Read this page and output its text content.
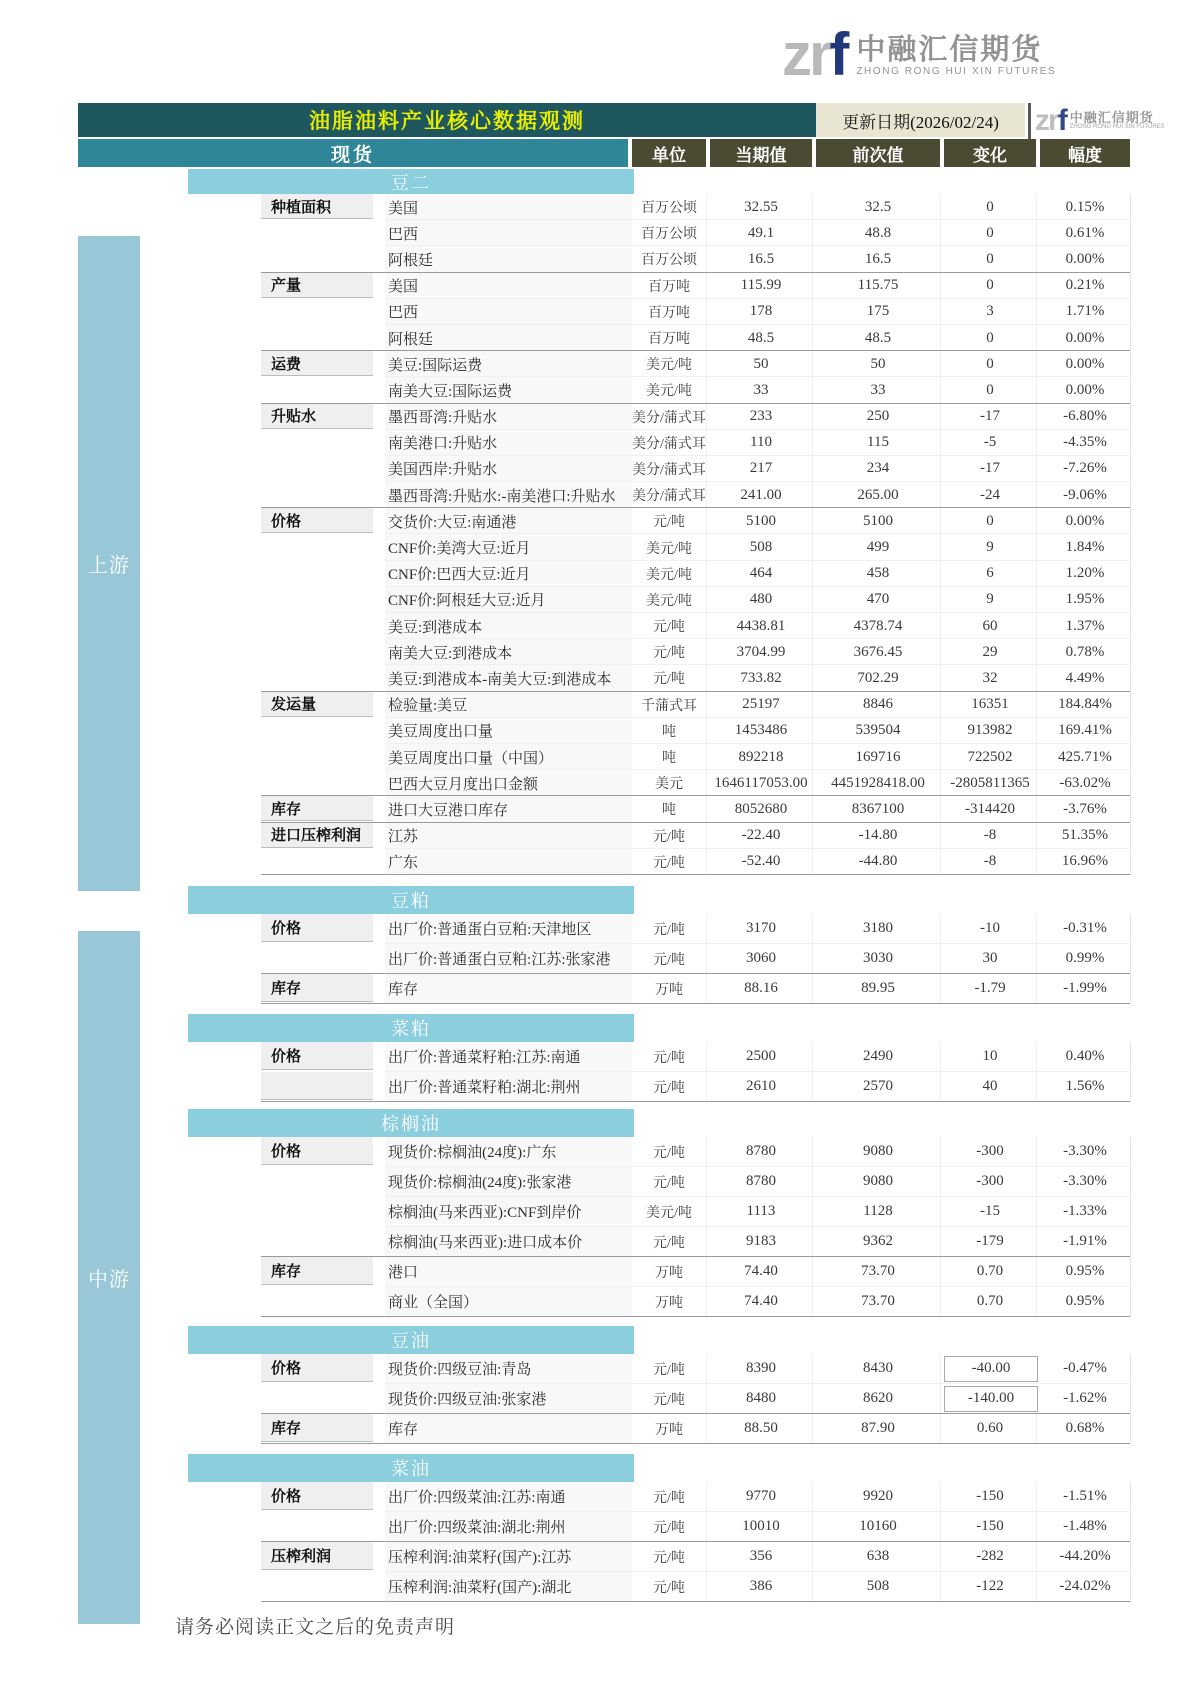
zrf 中融汇信期货
ZHONG RONG HUI XIN FUTURES
zrf 中融汇信期货
ZHONG RONG HUI XIN FUTURES
油脂油料产业核心数据观测	更新日期(2026/02/24)
现货	单位	当期值	前次值	变化	幅度
上游
中游
豆二
种植面积	美国	百万公顷	32.55	32.5	0	0.15%
巴西	百万公顷	49.1	48.8	0	0.61%
阿根廷	百万公顷	16.5	16.5	0	0.00%
产量	美国	百万吨	115.99	115.75	0	0.21%
巴西	百万吨	178	175	3	1.71%
阿根廷	百万吨	48.5	48.5	0	0.00%
运费	美豆:国际运费	美元/吨	50	50	0	0.00%
南美大豆:国际运费	美元/吨	33	33	0	0.00%
升贴水	墨西哥湾:升贴水	美分/蒲式耳	233	250	-17	-6.80%
南美港口:升贴水	美分/蒲式耳	110	115	-5	-4.35%
美国西岸:升贴水	美分/蒲式耳	217	234	-17	-7.26%
墨西哥湾:升贴水:-南美港口:升贴水	美分/蒲式耳	241.00	265.00	-24	-9.06%
价格	交货价:大豆:南通港	元/吨	5100	5100	0	0.00%
CNF价:美湾大豆:近月	美元/吨	508	499	9	1.84%
CNF价:巴西大豆:近月	美元/吨	464	458	6	1.20%
CNF价:阿根廷大豆:近月	美元/吨	480	470	9	1.95%
美豆:到港成本	元/吨	4438.81	4378.74	60	1.37%
南美大豆:到港成本	元/吨	3704.99	3676.45	29	0.78%
美豆:到港成本-南美大豆:到港成本	元/吨	733.82	702.29	32	4.49%
发运量	检验量:美豆	千蒲式耳	25197	8846	16351	184.84%
美豆周度出口量	吨	1453486	539504	913982	169.41%
美豆周度出口量（中国）	吨	892218	169716	722502	425.71%
巴西大豆月度出口金额	美元	1646117053.00	4451928418.00	-2805811365	-63.02%
库存	进口大豆港口库存	吨	8052680	8367100	-314420	-3.76%
进口压榨利润	江苏	元/吨	-22.40	-14.80	-8	51.35%
广东	元/吨	-52.40	-44.80	-8	16.96%
豆粕
价格	出厂价:普通蛋白豆粕:天津地区	元/吨	3170	3180	-10	-0.31%
出厂价:普通蛋白豆粕:江苏:张家港	元/吨	3060	3030	30	0.99%
库存	库存	万吨	88.16	89.95	-1.79	-1.99%
菜粕
价格	出厂价:普通菜籽粕:江苏:南通	元/吨	2500	2490	10	0.40%
出厂价:普通菜籽粕:湖北:荆州	元/吨	2610	2570	40	1.56%
棕榈油
价格	现货价:棕榈油(24度):广东	元/吨	8780	9080	-300	-3.30%
现货价:棕榈油(24度):张家港	元/吨	8780	9080	-300	-3.30%
棕榈油(马来西亚):CNF到岸价	美元/吨	1113	1128	-15	-1.33%
棕榈油(马来西亚):进口成本价	元/吨	9183	9362	-179	-1.91%
库存	港口	万吨	74.40	73.70	0.70	0.95%
商业（全国）	万吨	74.40	73.70	0.70	0.95%
豆油
价格	现货价:四级豆油:青岛	元/吨	8390	8430	-40.00	-0.47%
现货价:四级豆油:张家港	元/吨	8480	8620	-140.00	-1.62%
库存	库存	万吨	88.50	87.90	0.60	0.68%
菜油
价格	出厂价:四级菜油:江苏:南通	元/吨	9770	9920	-150	-1.51%
出厂价:四级菜油:湖北:荆州	元/吨	10010	10160	-150	-1.48%
压榨利润	压榨利润:油菜籽(国产):江苏	元/吨	356	638	-282	-44.20%
压榨利润:油菜籽(国产):湖北	元/吨	386	508	-122	-24.02%
请务必阅读正文之后的免责声明
